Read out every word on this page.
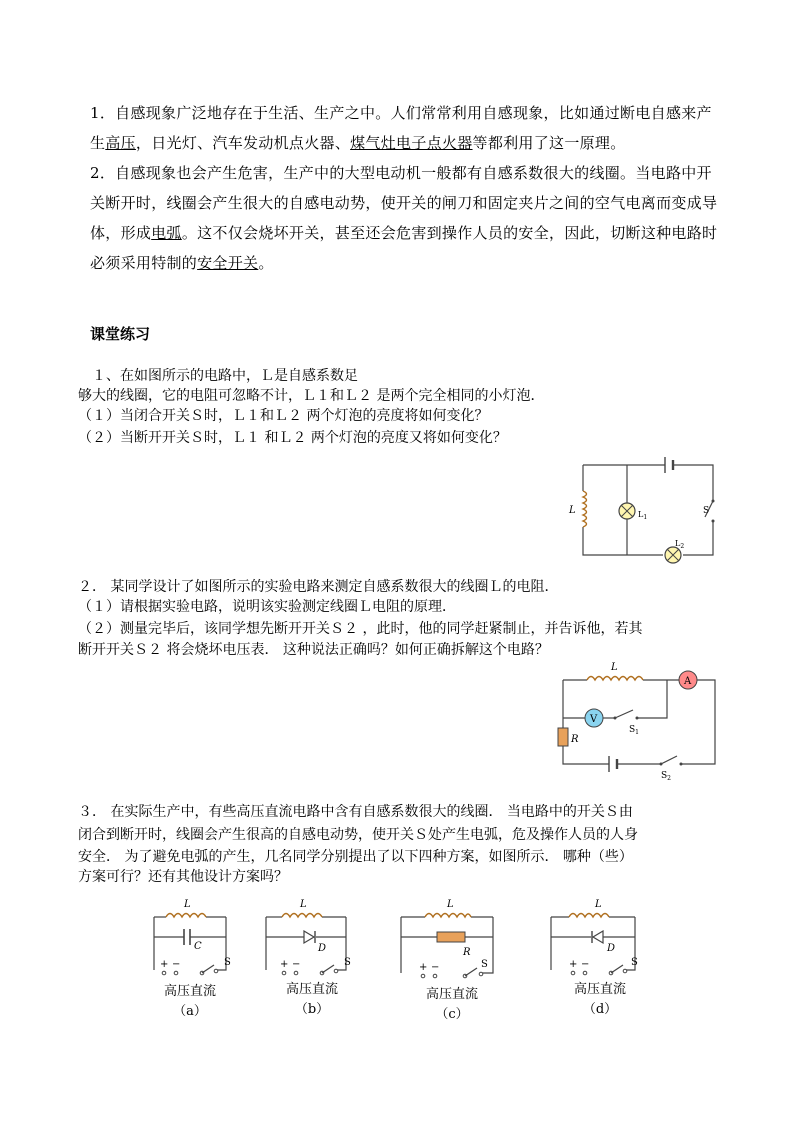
1．自感现象广泛地存在于生活、生产之中。人们常常利用自感现象，比如通过断电自感来产生高压，日光灯、汽车发动机点火器、煤气灶电子点火器等都利用了这一原理。
2．自感现象也会产生危害，生产中的大型电动机一般都有自感系数很大的线圈。当电路中开关断开时，线圈会产生很大的自感电动势，使开关的闸刀和固定夹片之间的空气电离而变成导体，形成电弧。这不仅会烧坏开关，甚至还会危害到操作人员的安全，因此，切断这种电路时必须采用特制的安全开关。
课堂练习
１、在如图所示的电路中，Ｌ是自感系数足
够大的线圈，它的电阻可忽略不计，Ｌ１和Ｌ２ 是两个完全相同的小灯泡．
（１）当闭合开关Ｓ时，Ｌ１和Ｌ２ 两个灯泡的亮度将如何变化？
（２）当断开开关Ｓ时，Ｌ１ 和Ｌ２ 两个灯泡的亮度又将如何变化？
L	$L_1$
$L_2$
S
２． 某同学设计了如图所示的实验电路来测定自感系数很大的线圈Ｌ的电阻．
（１）请根据实验电路，说明该实验测定线圈Ｌ电阻的原理．
（２）测量完毕后，该同学想先断开开关Ｓ２ ，此时，他的同学赶紧制止，并告诉他，若其
断开开关Ｓ２ 将会烧坏电压表． 这种说法正确吗？如何正确拆解这个电路？
L
A
V
$S_1$
R
$S_2$
３． 在实际生产中，有些高压直流电路中含有自感系数很大的线圈． 当电路中的开关Ｓ由
闭合到断开时，线圈会产生很高的自感电动势，使开关Ｓ处产生电弧，危及操作人员的人身
安全． 为了避免电弧的产生，几名同学分别提出了以下四种方案，如图所示． 哪种（些）
方案可行？还有其他设计方案吗？
L
C
+ −	S
高压直流
（a）
L
D
+ −	S
高压直流
（b）
L
R
+ −	S
高压直流
（c）
L
D
+ −	S
高压直流
（d）
